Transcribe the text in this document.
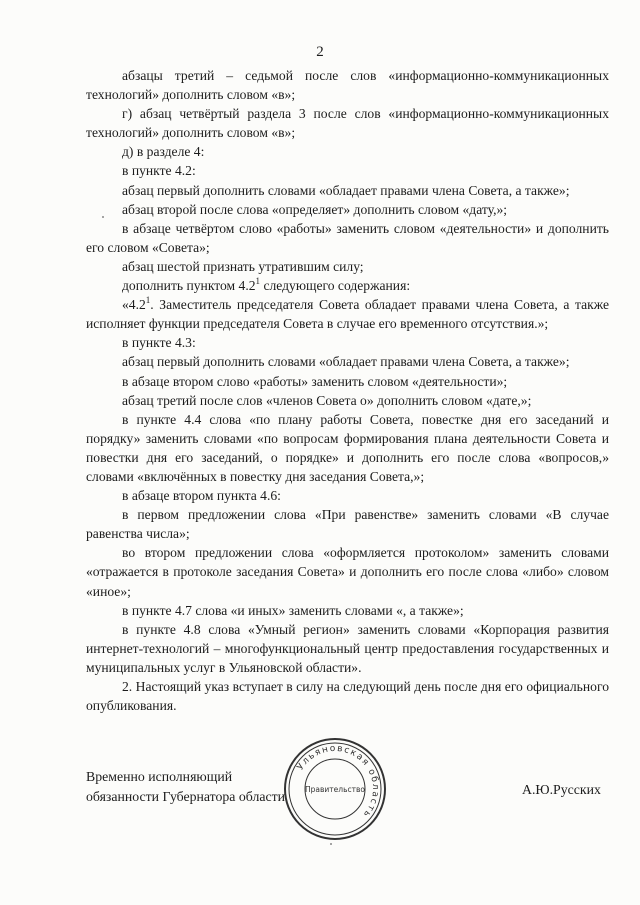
2

абзацы третий – седьмой после слов «информационно-коммуникационных технологий» дополнить словом «в»;

г) абзац четвёртый раздела 3 после слов «информационно-коммуникационных технологий» дополнить словом «в»;

д) в разделе 4:

в пункте 4.2:

абзац первый дополнить словами «обладает правами члена Совета, а также»;

абзац второй после слова «определяет» дополнить словом «дату,»;

в абзаце четвёртом слово «работы» заменить словом «деятельности» и дополнить его словом «Совета»;

абзац шестой признать утратившим силу;

дополнить пунктом $4.2^1$ следующего содержания:

«$4.2^1$. Заместитель председателя Совета обладает правами члена Совета, а также исполняет функции председателя Совета в случае его временного отсутствия.»;

в пункте 4.3:

абзац первый дополнить словами «обладает правами члена Совета, а также»;

в абзаце втором слово «работы» заменить словом «деятельности»;

абзац третий после слов «членов Совета о» дополнить словом «дате,»;

в пункте 4.4 слова «по плану работы Совета, повестке дня его заседаний и порядку» заменить словами «по вопросам формирования плана деятельности Совета и повестки дня его заседаний, о порядке» и дополнить его после слова «вопросов,» словами «включённых в повестку дня заседания Совета,»;

в абзаце втором пункта 4.6:

в первом предложении слова «При равенстве» заменить словами «В случае равенства числа»;

во втором предложении слова «оформляется протоколом» заменить словами «отражается в протоколе заседания Совета» и дополнить его после слова «либо» словом «иное»;

в пункте 4.7 слова «и иных» заменить словами «, а также»;

в пункте 4.8 слова «Умный регион» заменить словами «Корпорация развития интернет-технологий – многофункциональный центр предоставления государственных и муниципальных услуг в Ульяновской области».

2. Настоящий указ вступает в силу на следующий день после дня его официального опубликования.

Временно исполняющий
обязанности Губернатора области
Ульяновская область
Правительство	А.Ю.Русских
